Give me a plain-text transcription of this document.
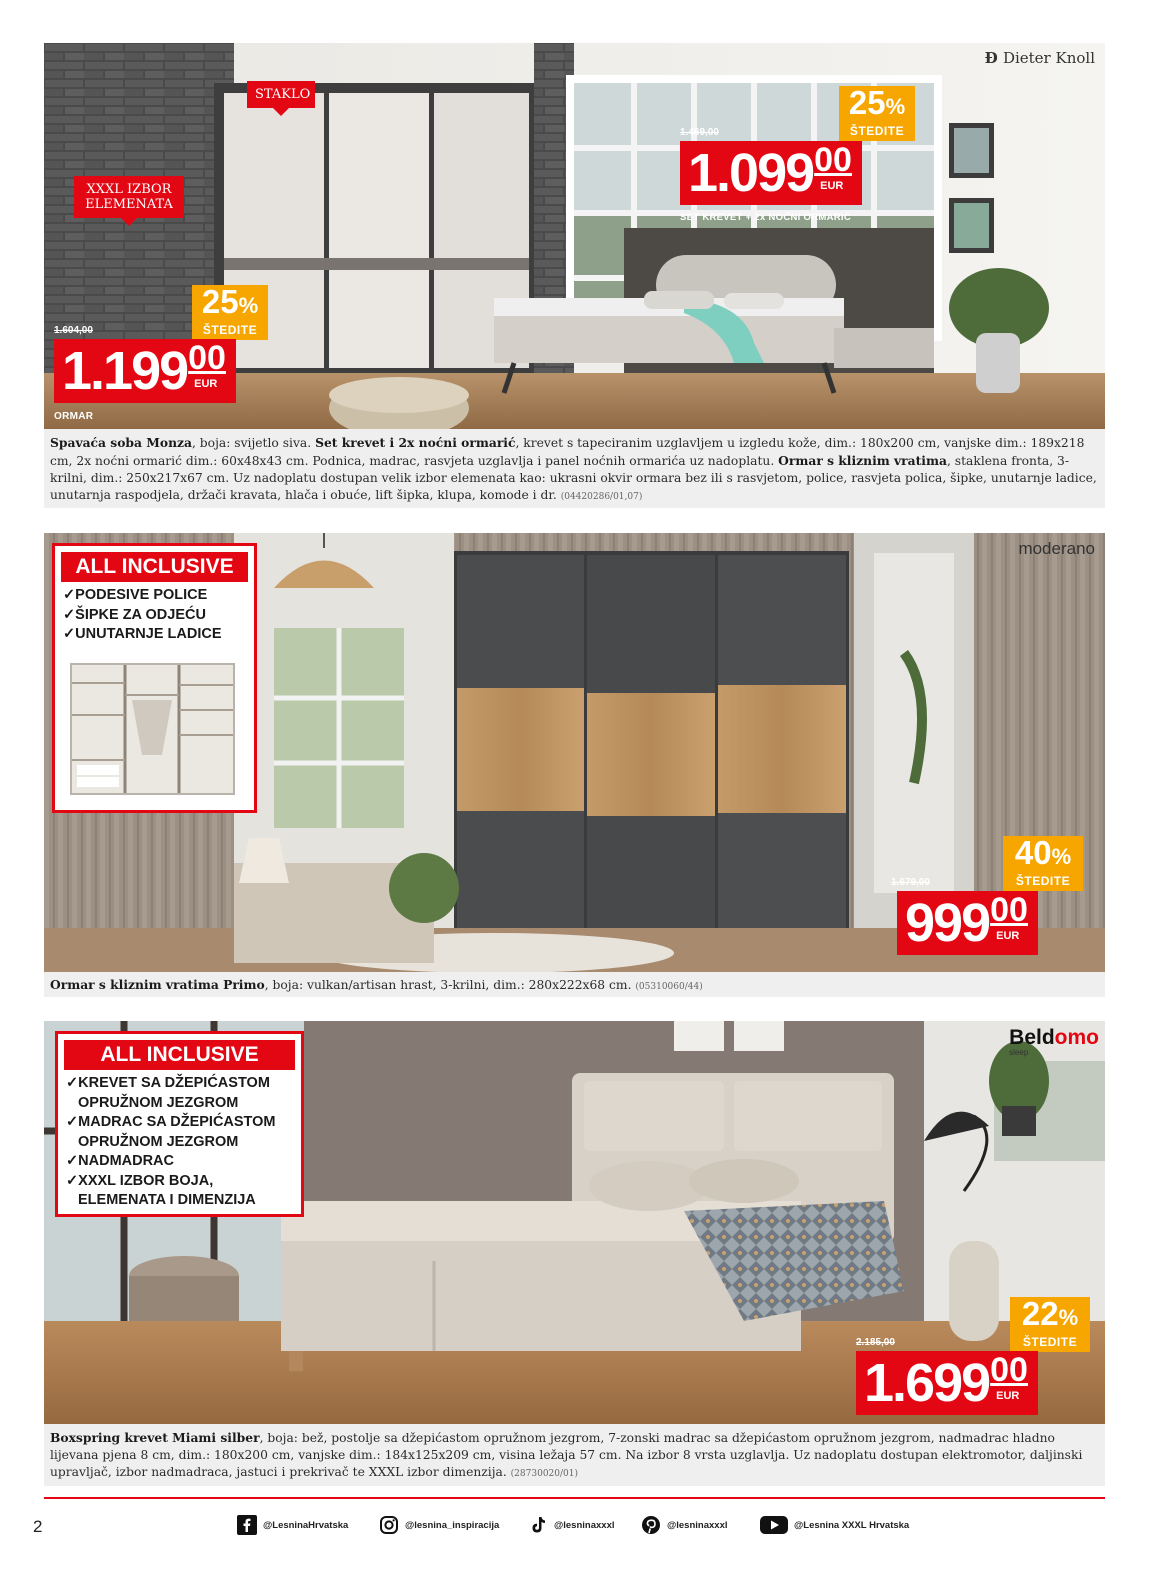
Ð Dieter Knoll
STAKLO
XXXL IZBOR ELEMENATA
1.469,00
25%
ŠTEDITE
1.099 00
EUR
SET KREVET + 2x NOĆNI ORMARIĆ
1.604,00
25%
ŠTEDITE
1.199 00
EUR
ORMAR
Spavaća soba Monza, boja: svijetlo siva. Set krevet i 2x noćni ormarić, krevet s tapeciranim uzglavljem u izgledu kože, dim.: 180x200 cm, vanjske dim.: 189x218 cm, 2x noćni ormarić dim.: 60x48x43 cm. Podnica, madrac, rasvjeta uzglavlja i panel noćnih ormarića uz nadoplatu. Ormar s kliznim vratima, staklena fronta, 3-krilni, dim.: 250x217x67 cm. Uz nadoplatu dostupan velik izbor elemenata kao: ukrasni okvir ormara bez ili s rasvjetom, police, rasvjeta polica, šipke, unutarnje ladice, unutarnja raspodjela, držači kravata, hlača i obuće, lift šipka, klupa, komode i dr. (04420286/01,07)
moderano
ALL INCLUSIVE
✓PODESIVE POLICE
✓ŠIPKE ZA ODJEĆU
✓UNUTARNJE LADICE
1.679,00
40%
ŠTEDITE
999 00
EUR
Ormar s kliznim vratima Primo, boja: vulkan/artisan hrast, 3-krilni, dim.: 280x222x68 cm. (05310060/44)
Beldomo
sleep
ALL INCLUSIVE
✓KREVET SA DŽEPIĆASTOM
OPRUŽNOM JEZGROM
✓MADRAC SA DŽEPIĆASTOM
OPRUŽNOM JEZGROM
✓NADMADRAC
✓XXXL IZBOR BOJA,
ELEMENATA I DIMENZIJA
2.185,00
22%
ŠTEDITE
1.699 00
EUR
Boxspring krevet Miami silber, boja: bež, postolje sa džepićastom opružnom jezgrom, 7-zonski madrac sa džepićastom opružnom jezgrom, nadmadrac hladno lijevana pjena 8 cm, dim.: 180x200 cm, vanjske dim.: 184x125x209 cm, visina ležaja 57 cm. Na izbor 8 vrsta uzglavlja. Uz nadoplatu dostupan elektromotor, daljinski upravljač, izbor nadmadraca, jastuci i prekrivač te XXXL izbor dimenzija. (28730020/01)
2	@LesninaHrvatska	@lesnina_inspiracija	@lesninaxxxl	@lesninaxxxl	@Lesnina XXXL Hrvatska
